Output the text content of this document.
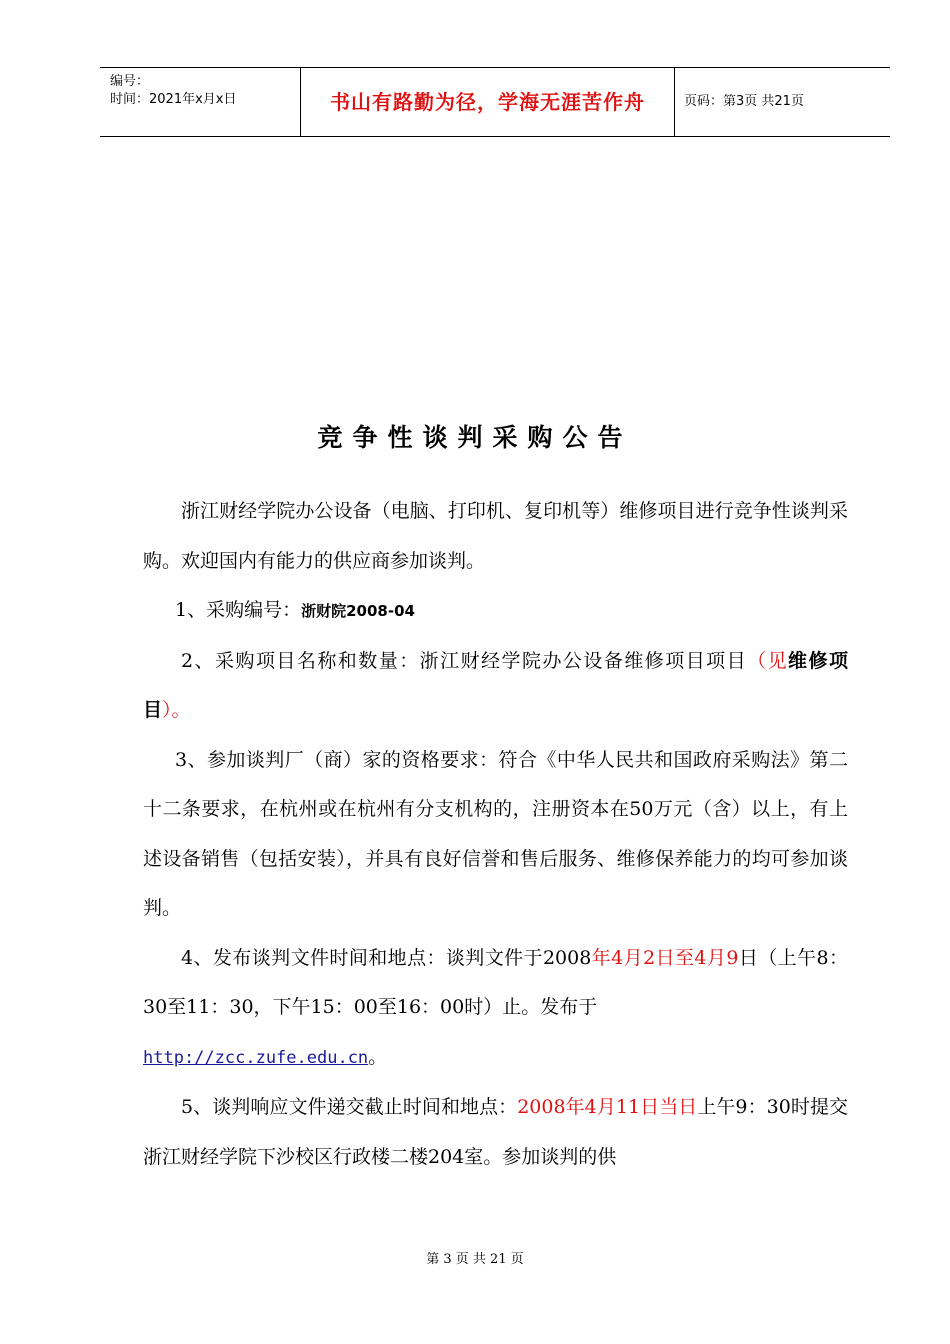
编号：
时间：2021年x月x日	书山有路勤为径，学海无涯苦作舟	页码：第3页 共21页
竞争性谈判采购公告

浙江财经学院办公设备（电脑、打印机、复印机等）维修项目进行竞争性谈判采购。欢迎国内有能力的供应商参加谈判。

1、采购编号：浙财院2008-04

2、采购项目名称和数量：浙江财经学院办公设备维修项目项目（见维修项目）。

3、参加谈判厂（商）家的资格要求：符合《中华人民共和国政府采购法》第二十二条要求，在杭州或在杭州有分支机构的，注册资本在50万元（含）以上，有上述设备销售（包括安装），并具有良好信誉和售后服务、维修保养能力的均可参加谈判。

4、发布谈判文件时间和地点：谈判文件于2008年4月2日至4月9日（上午8：30至11：30，下午15：00至16：00时）止。发布于
http://zcc.zufe.edu.cn。

5、谈判响应文件递交截止时间和地点：2008年4月11日当日上午9：30时提交浙江财经学院下沙校区行政楼二楼204室。参加谈判的供

第 3 页 共 21 页
